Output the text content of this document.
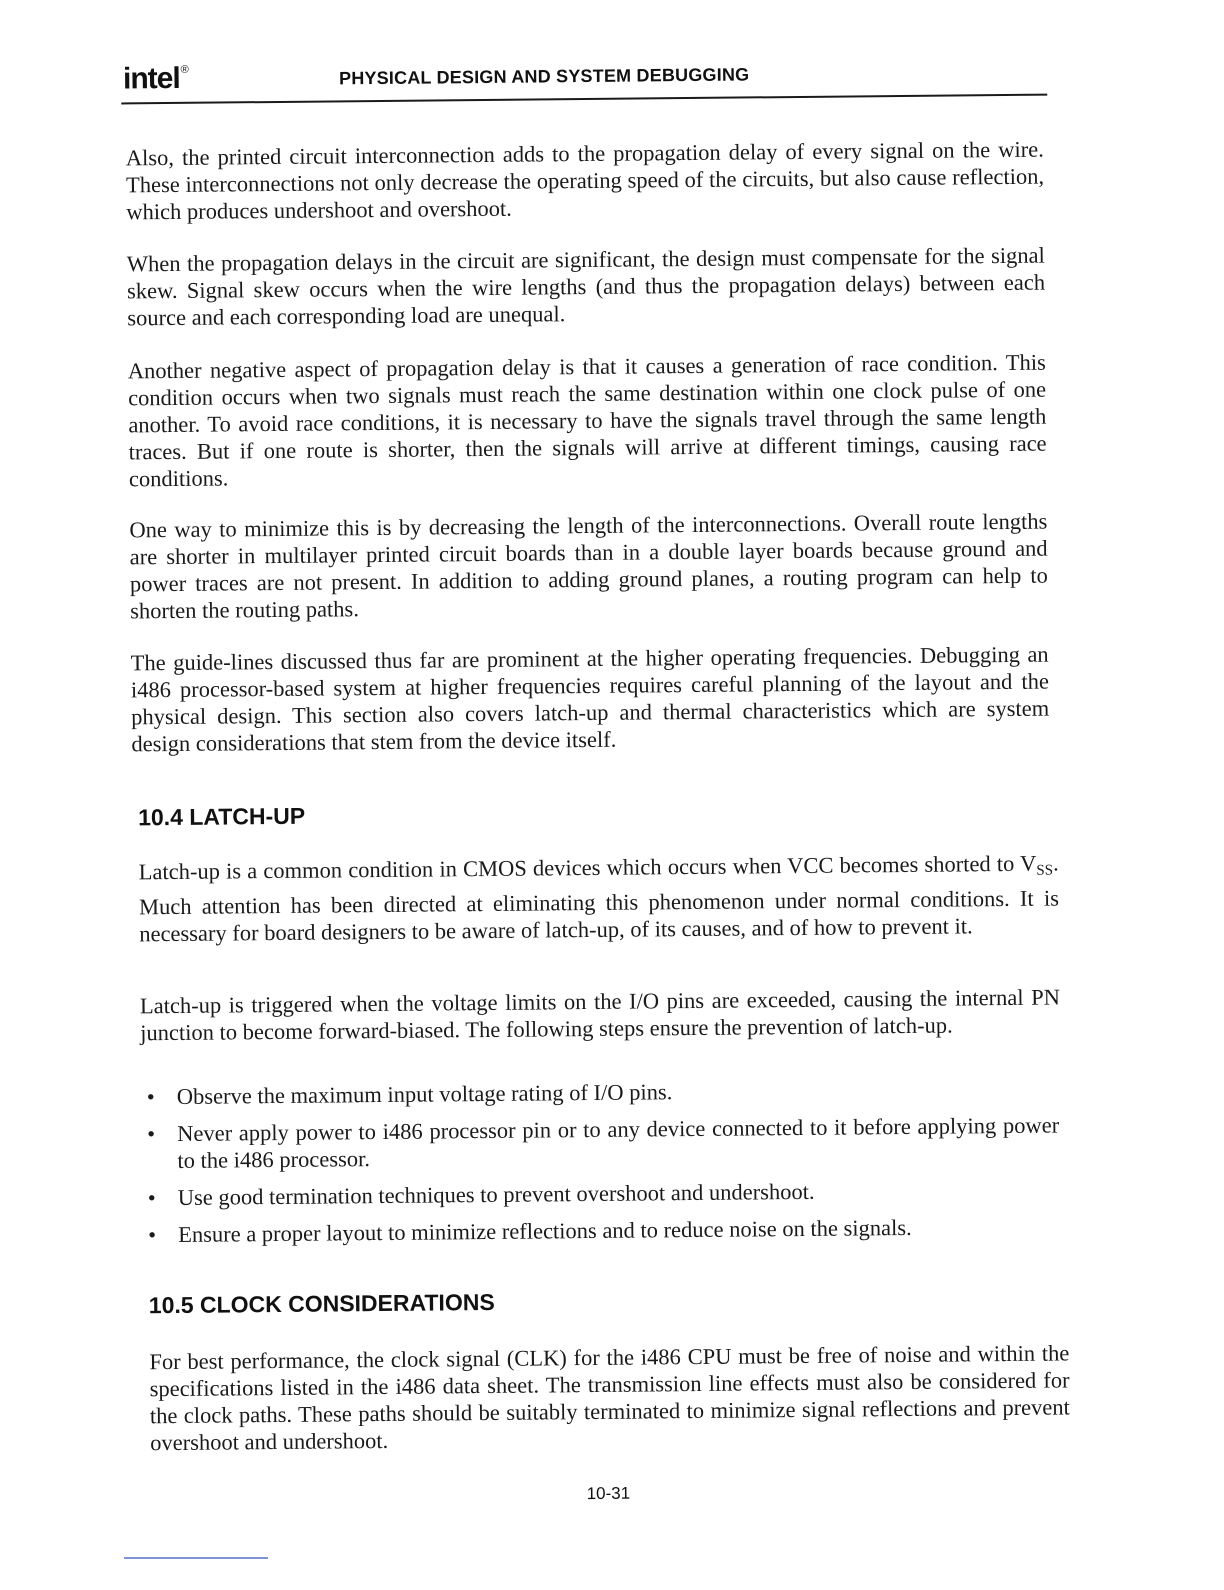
intel®	PHYSICAL DESIGN AND SYSTEM DEBUGGING

Also, the printed circuit interconnection adds to the propagation delay of every signal on the wire. These interconnections not only decrease the operating speed of the circuits, but also cause reflection, which produces undershoot and overshoot.

When the propagation delays in the circuit are significant, the design must compensate for the signal skew. Signal skew occurs when the wire lengths (and thus the propagation delays) between each source and each corresponding load are unequal.

Another negative aspect of propagation delay is that it causes a generation of race condition. This condition occurs when two signals must reach the same destination within one clock pulse of one another. To avoid race conditions, it is necessary to have the signals travel through the same length traces. But if one route is shorter, then the signals will arrive at different timings, causing race conditions.

One way to minimize this is by decreasing the length of the interconnections. Overall route lengths are shorter in multilayer printed circuit boards than in a double layer boards because ground and power traces are not present. In addition to adding ground planes, a routing program can help to shorten the routing paths.

The guide-lines discussed thus far are prominent at the higher operating frequencies. Debugging an i486 processor-based system at higher frequencies requires careful planning of the layout and the physical design. This section also covers latch-up and thermal characteristics which are system design considerations that stem from the device itself.

10.4 LATCH-UP

Latch-up is a common condition in CMOS devices which occurs when VCC becomes shorted to $V_{SS}$. Much attention has been directed at eliminating this phenomenon under normal conditions. It is necessary for board designers to be aware of latch-up, of its causes, and of how to prevent it.

Latch-up is triggered when the voltage limits on the I/O pins are exceeded, causing the internal PN junction to become forward-biased. The following steps ensure the prevention of latch-up.

• Observe the maximum input voltage rating of I/O pins.
• Never apply power to i486 processor pin or to any device connected to it before applying power to the i486 processor.
• Use good termination techniques to prevent overshoot and undershoot.
• Ensure a proper layout to minimize reflections and to reduce noise on the signals.
10.5 CLOCK CONSIDERATIONS

For best performance, the clock signal (CLK) for the i486 CPU must be free of noise and within the specifications listed in the i486 data sheet. The transmission line effects must also be considered for the clock paths. These paths should be suitably terminated to minimize signal reflections and prevent overshoot and undershoot.

10-31
